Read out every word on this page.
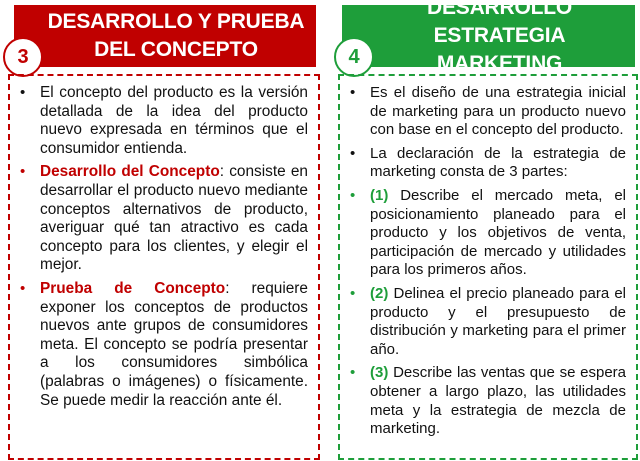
DESARROLLO Y PRUEBA
DEL CONCEPTO
3
• El concepto del producto es la versión detallada de la idea del producto nuevo expresada en términos que el consumidor entienda.
• Desarrollo del Concepto: consiste en desarrollar el producto nuevo mediante conceptos alternativos de producto, averiguar qué tan atractivo es cada concepto para los clientes, y elegir el mejor.
• Prueba de Concepto: requiere exponer los conceptos de productos nuevos ante grupos de consumidores meta. El concepto se podría presentar a los consumidores simbólica (palabras o imágenes) o físicamente. Se puede medir la reacción ante él.
DESARROLLO ESTRATEGIA
MARKETING
4
• Es el diseño de una estrategia inicial de marketing para un producto nuevo con base en el concepto del producto.
• La declaración de la estrategia de marketing consta de 3 partes:
• (1) Describe el mercado meta, el posicionamiento planeado para el producto y los objetivos de venta, participación de mercado y utilidades para los primeros años.
• (2) Delinea el precio planeado para el producto y el presupuesto de distribución y marketing para el primer año.
• (3) Describe las ventas que se espera obtener a largo plazo, las utilidades meta y la estrategia de mezcla de marketing.
